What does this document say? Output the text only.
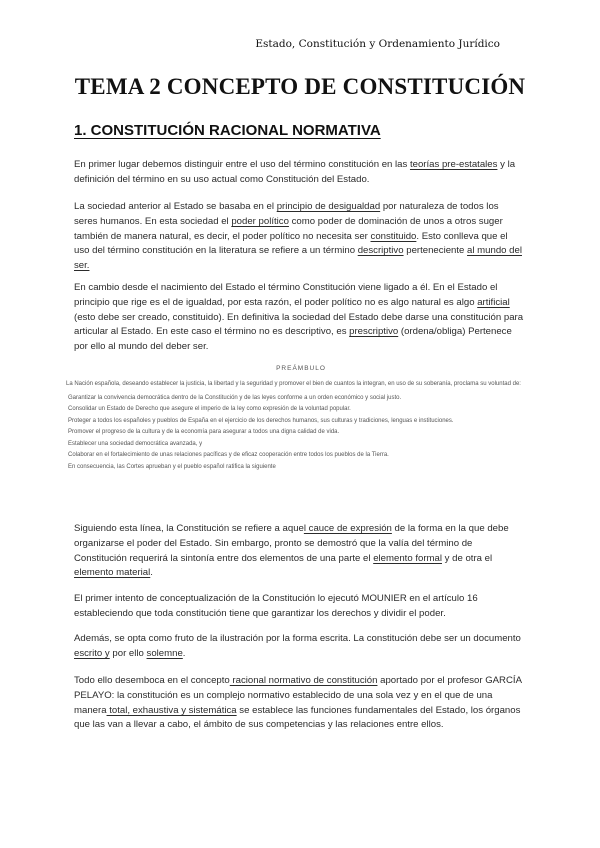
Estado, Constitución y Ordenamiento Jurídico
TEMA 2 CONCEPTO DE CONSTITUCIÓN
1. CONSTITUCIÓN RACIONAL NORMATIVA

En primer lugar debemos distinguir entre el uso del término constitución en las teorías pre-estatales y la definición del término en su uso actual como Constitución del Estado.

La sociedad anterior al Estado se basaba en el principio de desigualdad por naturaleza de todos los seres humanos. En esta sociedad el poder político como poder de dominación de unos a otros suger también de manera natural, es decir, el poder político no necesita ser constituido. Esto conlleva que el uso del término constitución en la literatura se refiere a un término descriptivo perteneciente al mundo del ser.

En cambio desde el nacimiento del Estado el término Constitución viene ligado a él. En el Estado el principio que rige es el de igualdad, por esta razón, el poder político no es algo natural es algo artificial (esto debe ser creado, constituido). En definitiva la sociedad del Estado debe darse una constitución para articular al Estado. En este caso el término no es descriptivo, es prescriptivo (ordena/obliga) Pertenece por ello al mundo del deber ser.

PREÁMBULO
La Nación española, deseando establecer la justicia, la libertad y la seguridad y promover el bien de cuantos la integran, en uso de su soberanía, proclama su voluntad de:
Garantizar la convivencia democrática dentro de la Constitución y de las leyes conforme a un orden económico y social justo.
Consolidar un Estado de Derecho que asegure el imperio de la ley como expresión de la voluntad popular.
Proteger a todos los españoles y pueblos de España en el ejercicio de los derechos humanos, sus culturas y tradiciones, lenguas e instituciones.
Promover el progreso de la cultura y de la economía para asegurar a todos una digna calidad de vida.
Establecer una sociedad democrática avanzada, y
Colaborar en el fortalecimiento de unas relaciones pacíficas y de eficaz cooperación entre todos los pueblos de la Tierra.
En consecuencia, las Cortes aprueban y el pueblo español ratifica la siguiente

Siguiendo esta línea, la Constitución se refiere a aquel cauce de expresión de la forma en la que debe organizarse el poder del Estado. Sin embargo, pronto se demostró que la valía del término de Constitución requerirá la sintonía entre dos elementos de una parte el elemento formal y de otra el elemento material.

El primer intento de conceptualización de la Constitución lo ejecutó MOUNIER en el artículo 16 estableciendo que toda constitución tiene que garantizar los derechos y dividir el poder.

Además, se opta como fruto de la ilustración por la forma escrita. La constitución debe ser un documento escrito y por ello solemne.

Todo ello desemboca en el concepto racional normativo de constitución aportado por el profesor GARCÍA PELAYO: la constitución es un complejo normativo establecido de una sola vez y en el que de una manera total, exhaustiva y sistemática se establece las funciones fundamentales del Estado, los órganos que las van a llevar a cabo, el ámbito de sus competencias y las relaciones entre ellos.
